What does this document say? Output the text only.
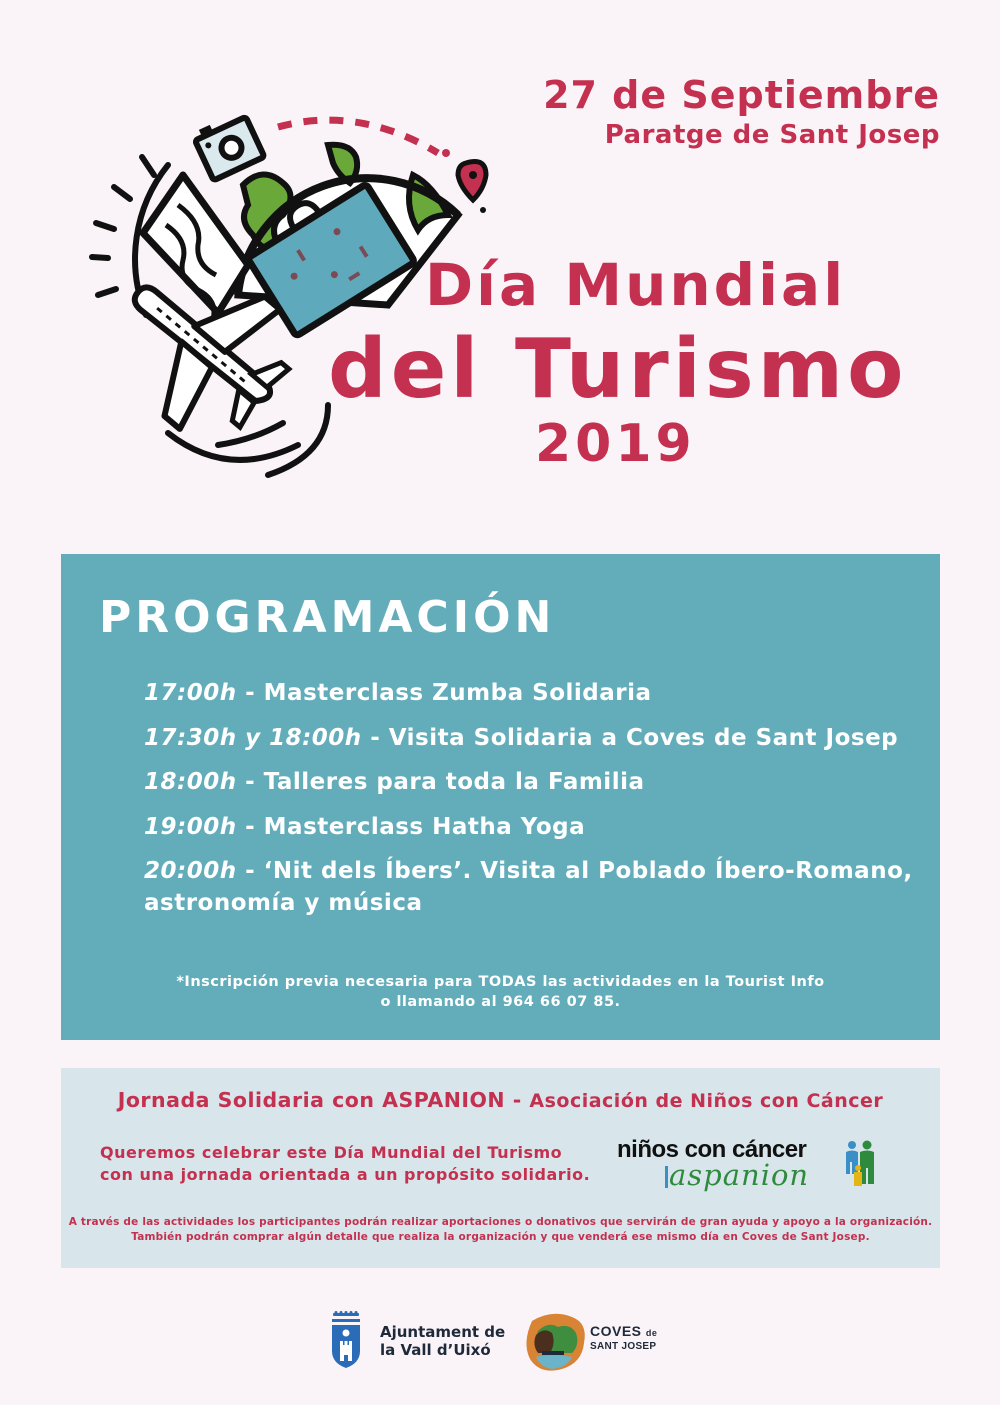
27 de Septiembre
Paratge de Sant Josep
Día Mundial
del Turismo
2019
PROGRAMACIÓN
17:00h - Masterclass Zumba Solidaria
17:30h y 18:00h - Visita Solidaria a Coves de Sant Josep
18:00h - Talleres para toda la Familia
19:00h - Masterclass Hatha Yoga
20:00h - ‘Nit dels Íbers’. Visita al Poblado Íbero-Romano, astronomía y música
*Inscripción previa necesaria para TODAS las actividades en la Tourist Info
o llamando al 964 66 07 85.
Jornada Solidaria con ASPANION - Asociación de Niños con Cáncer
Queremos celebrar este Día Mundial del Turismo
con una jornada orientada a un propósito solidario.
niños con cáncer
aspanion
A través de las actividades los participantes podrán realizar aportaciones o donativos que servirán de gran ayuda y apoyo a la organización.
También podrán comprar algún detalle que realiza la organización y que venderá ese mismo día en Coves de Sant Josep.
Ajuntament de
la Vall d’Uixó
COVES de
SANT JOSEP
